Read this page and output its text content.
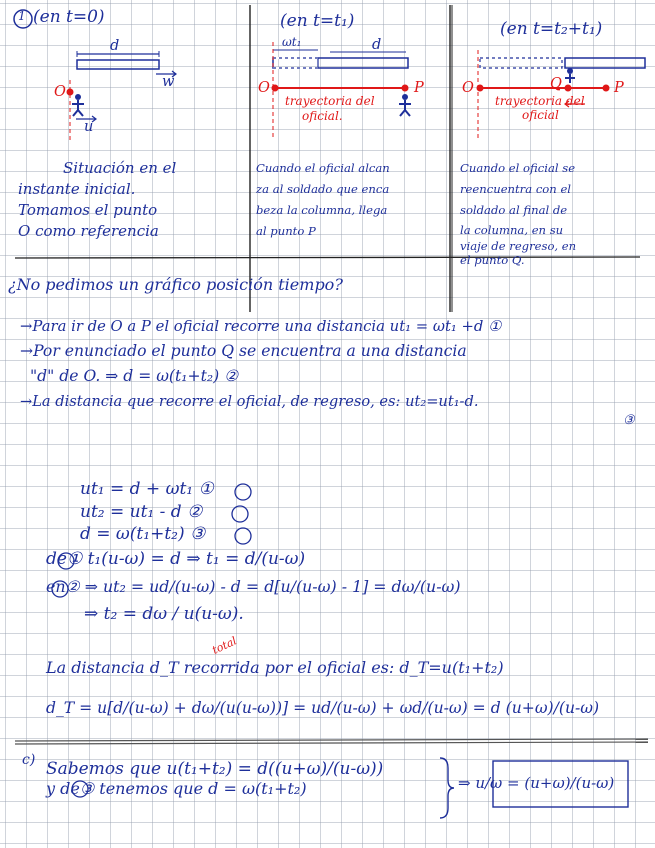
(en t=0)
1
d
w
u
O
(en t=t₁)
ωt₁	d
O	P
trayectoria del
oficial.
(en t=t₂+t₁)
O	Q	P
trayectoria del
oficial
Situación en el
instante inicial.
Tomamos el punto
O como referencia
Cuando el oficial alcan
za al soldado que enca
beza la columna, llega
al punto P
Cuando el oficial se
reencuentra con el
soldado al final de
la columna, en su
viaje de regreso, en
el punto Q.
¿No pedimos un gráfico posición tiempo?
→Para ir de O a P el oficial recorre una distancia ut₁ = ωt₁ +d ①
→Por enunciado el punto Q se encuentra a una distancia
"d" de O. ⇒ d = ω(t₁+t₂) ②
→La distancia que recorre el oficial, de regreso, es: ut₂=ut₁-d.
③
ut₁ = d + ωt₁ ①
ut₂ = ut₁ - d ②
d = ω(t₁+t₂) ③
de① t₁(u-ω) = d ⇒ t₁ = d/(u-ω)
en② ⇒ ut₂ = ud/(u-ω) - d = d[u/(u-ω) - 1] = dω/(u-ω)
⇒ t₂ = dω / u(u-ω).
total
La distancia d_T recorrida por el oficial es: d_T=u(t₁+t₂)
d_T = u[d/(u-ω) + dω/(u(u-ω))] = ud/(u-ω) + ωd/(u-ω) = d (u+ω)/(u-ω)
c) Sabemos que u(t₁+t₂) = d((u+ω)/(u-ω))
y de③ tenemos que d = ω(t₁+t₂)	⇒ u/ω = (u+ω)/(u-ω)
